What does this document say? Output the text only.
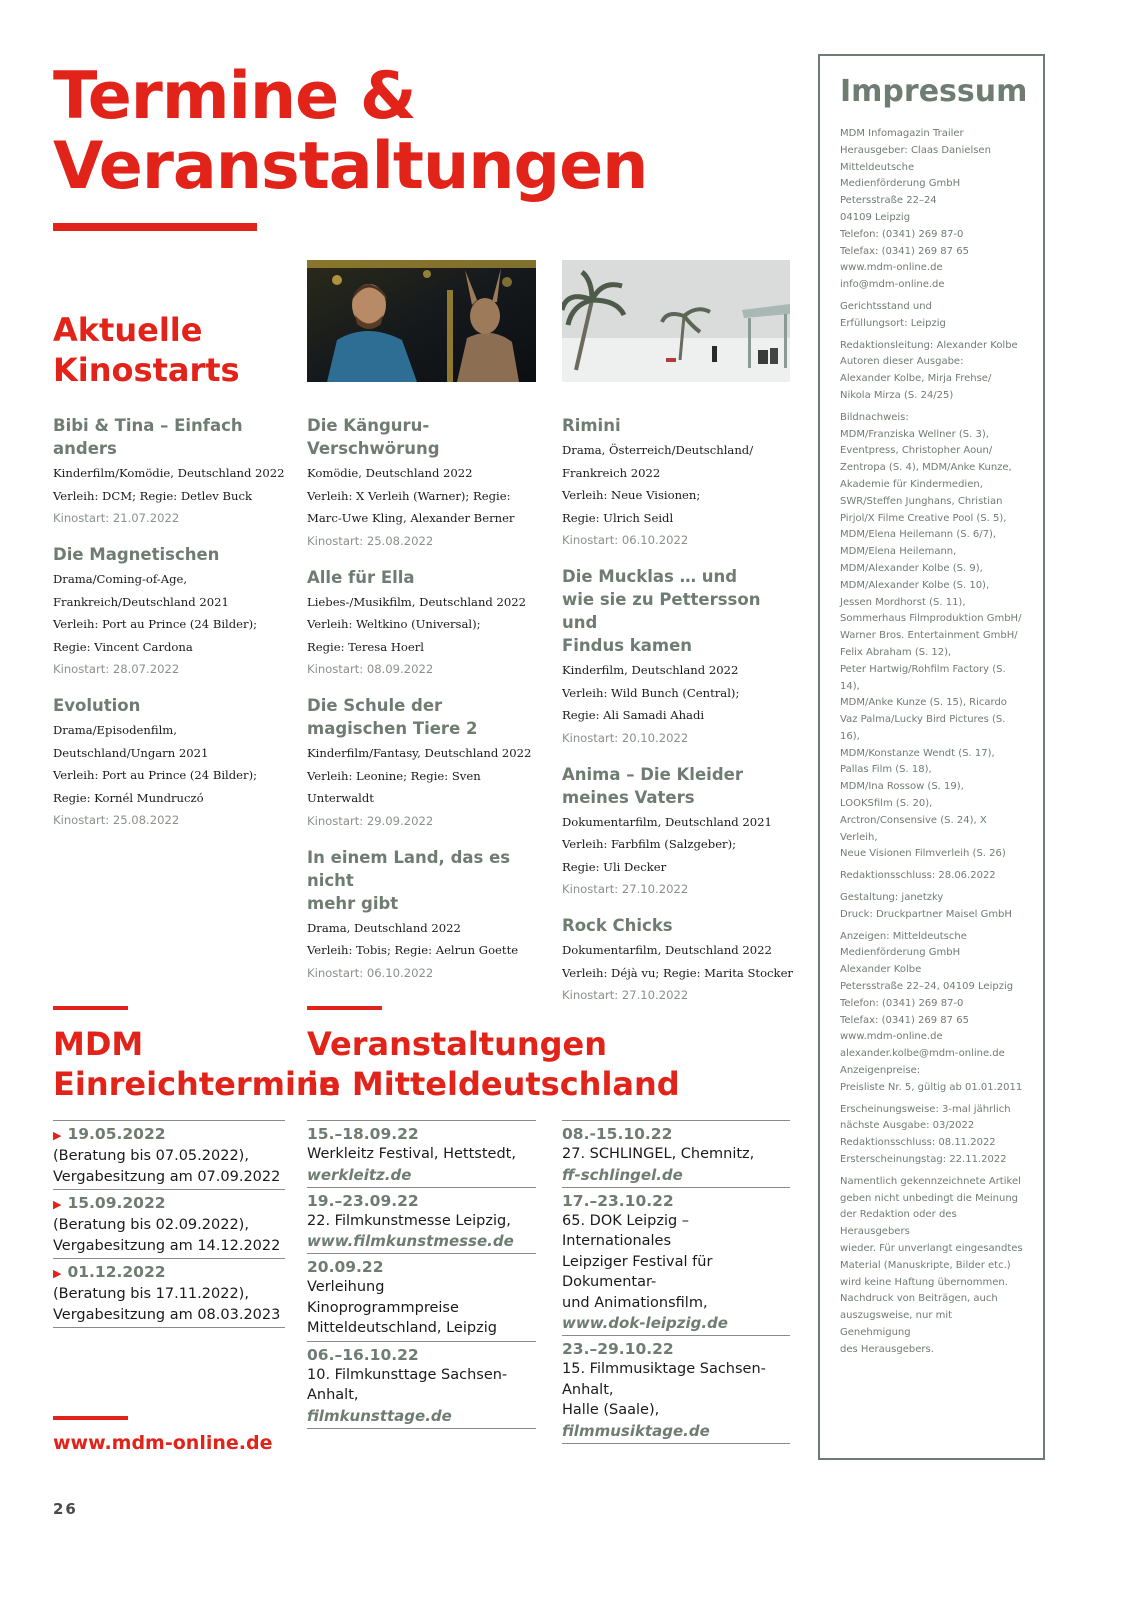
Termine &
Veranstaltungen
Aktuelle
Kinostarts
Bibi & Tina – Einfach anders
Kinderfilm/Komödie, Deutschland 2022
Verleih: DCM; Regie: Detlev Buck
Kinostart: 21.07.2022
Die Magnetischen
Drama/Coming-of-Age,
Frankreich/Deutschland 2021
Verleih: Port au Prince (24 Bilder);
Regie: Vincent Cardona
Kinostart: 28.07.2022
Evolution
Drama/Episodenfilm,
Deutschland/Ungarn 2021
Verleih: Port au Prince (24 Bilder);
Regie: Kornél Mundruczó
Kinostart: 25.08.2022
Die Känguru-Verschwörung
Komödie, Deutschland 2022
Verleih: X Verleih (Warner); Regie:
Marc-Uwe Kling, Alexander Berner
Kinostart: 25.08.2022
Alle für Ella
Liebes-/Musikfilm, Deutschland 2022
Verleih: Weltkino (Universal);
Regie: Teresa Hoerl
Kinostart: 08.09.2022
Die Schule der
magischen Tiere 2
Kinderfilm/Fantasy, Deutschland 2022
Verleih: Leonine; Regie: Sven Unterwaldt
Kinostart: 29.09.2022
In einem Land, das es nicht
mehr gibt
Drama, Deutschland 2022
Verleih: Tobis; Regie: Aelrun Goette
Kinostart: 06.10.2022
Rimini
Drama, Österreich/Deutschland/
Frankreich 2022
Verleih: Neue Visionen;
Regie: Ulrich Seidl
Kinostart: 06.10.2022
Die Mucklas … und
wie sie zu Pettersson und
Findus kamen
Kinderfilm, Deutschland 2022
Verleih: Wild Bunch (Central);
Regie: Ali Samadi Ahadi
Kinostart: 20.10.2022
Anima – Die Kleider
meines Vaters
Dokumentarfilm, Deutschland 2021
Verleih: Farbfilm (Salzgeber);
Regie: Uli Decker
Kinostart: 27.10.2022
Rock Chicks
Dokumentarfilm, Deutschland 2022
Verleih: Déjà vu; Regie: Marita Stocker
Kinostart: 27.10.2022
MDM
Einreichtermine
▶ 19.05.2022
(Beratung bis 07.05.2022),
Vergabesitzung am 07.09.2022
▶ 15.09.2022
(Beratung bis 02.09.2022),
Vergabesitzung am 14.12.2022
▶ 01.12.2022
(Beratung bis 17.11.2022),
Vergabesitzung am 08.03.2023
Veranstaltungen
in Mitteldeutschland
15.–18.09.22
Werkleitz Festival, Hettstedt,
werkleitz.de
19.–23.09.22
22. Filmkunstmesse Leipzig,
www.filmkunstmesse.de
20.09.22
Verleihung Kinoprogrammpreise
Mitteldeutschland, Leipzig
06.–16.10.22
10. Filmkunsttage Sachsen-Anhalt,
filmkunsttage.de
08.-15.10.22
27. SCHLINGEL, Chemnitz,
ff-schlingel.de
17.–23.10.22
65. DOK Leipzig – Internationales
Leipziger Festival für Dokumentar-
und Animationsfilm,
www.dok-leipzig.de
23.–29.10.22
15. Filmmusiktage Sachsen-Anhalt,
Halle (Saale),
filmmusiktage.de
www.mdm-online.de
26
Impressum

MDM Infomagazin Trailer
Herausgeber: Claas Danielsen
Mitteldeutsche
Medienförderung GmbH
Petersstraße 22–24
04109 Leipzig
Telefon: (0341) 269 87-0
Telefax: (0341) 269 87 65
www.mdm-online.de
info@mdm-online.de

Gerichtsstand und
Erfüllungsort: Leipzig

Redaktionsleitung: Alexander Kolbe
Autoren dieser Ausgabe:
Alexander Kolbe, Mirja Frehse/
Nikola Mirza (S. 24/25)

Bildnachweis:
MDM/Franziska Wellner (S. 3),
Eventpress, Christopher Aoun/
Zentropa (S. 4), MDM/Anke Kunze,
Akademie für Kindermedien,
SWR/Steffen Junghans, Christian
Pirjol/X Filme Creative Pool (S. 5),
MDM/Elena Heilemann (S. 6/7),
MDM/Elena Heilemann,
MDM/Alexander Kolbe (S. 9),
MDM/Alexander Kolbe (S. 10),
Jessen Mordhorst (S. 11),
Sommerhaus Filmproduktion GmbH/
Warner Bros. Entertainment GmbH/
Felix Abraham (S. 12),
Peter Hartwig/Rohfilm Factory (S. 14),
MDM/Anke Kunze (S. 15), Ricardo
Vaz Palma/Lucky Bird Pictures (S. 16),
MDM/Konstanze Wendt (S. 17),
Pallas Film (S. 18),
MDM/Ina Rossow (S. 19),
LOOKSfilm (S. 20),
Arctron/Consensive (S. 24), X Verleih,
Neue Visionen Filmverleih (S. 26)

Redaktionsschluss: 28.06.2022

Gestaltung: janetzky
Druck: Druckpartner Maisel GmbH

Anzeigen: Mitteldeutsche
Medienförderung GmbH
Alexander Kolbe
Petersstraße 22–24, 04109 Leipzig
Telefon: (0341) 269 87-0
Telefax: (0341) 269 87 65
www.mdm-online.de
alexander.kolbe@mdm-online.de
Anzeigenpreise:
Preisliste Nr. 5, gültig ab 01.01.2011

Erscheinungsweise: 3-mal jährlich
nächste Ausgabe: 03/2022
Redaktionsschluss: 08.11.2022
Ersterscheinungstag: 22.11.2022

Namentlich gekennzeichnete Artikel
geben nicht unbedingt die Meinung
der Redaktion oder des Herausgebers
wieder. Für unverlangt eingesandtes
Material (Manuskripte, Bilder etc.)
wird keine Haftung übernommen.
Nachdruck von Beiträgen, auch
auszugsweise, nur mit Genehmigung
des Herausgebers.
